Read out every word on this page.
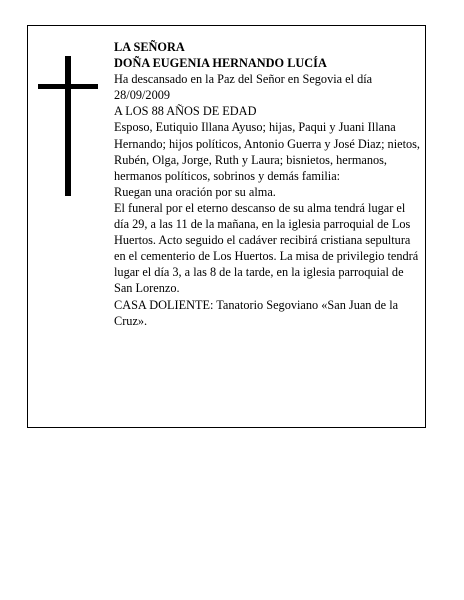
LA SEÑORA

DOÑA EUGENIA HERNANDO LUCÍA

Ha descansado en la Paz del Señor en Segovia el día 28/09/2009

A LOS 88 AÑOS DE EDAD

Esposo, Eutiquio Illana Ayuso; hijas, Paqui y Juani Illana Hernando; hijos políticos, Antonio Guerra y José Diaz; nietos, Rubén, Olga, Jorge, Ruth y Laura; bisnietos, hermanos, hermanos políticos, sobrinos y demás familia:

Ruegan una oración por su alma.

El funeral por el eterno descanso de su alma tendrá lugar el día 29, a las 11 de la mañana, en la iglesia parroquial de Los Huertos. Acto seguido el cadáver recibirá cristiana sepultura en el cementerio de Los Huertos. La misa de privilegio tendrá lugar el día 3, a las 8 de la tarde, en la iglesia parroquial de San Lorenzo.

CASA DOLIENTE: Tanatorio Segoviano «San Juan de la Cruz».
